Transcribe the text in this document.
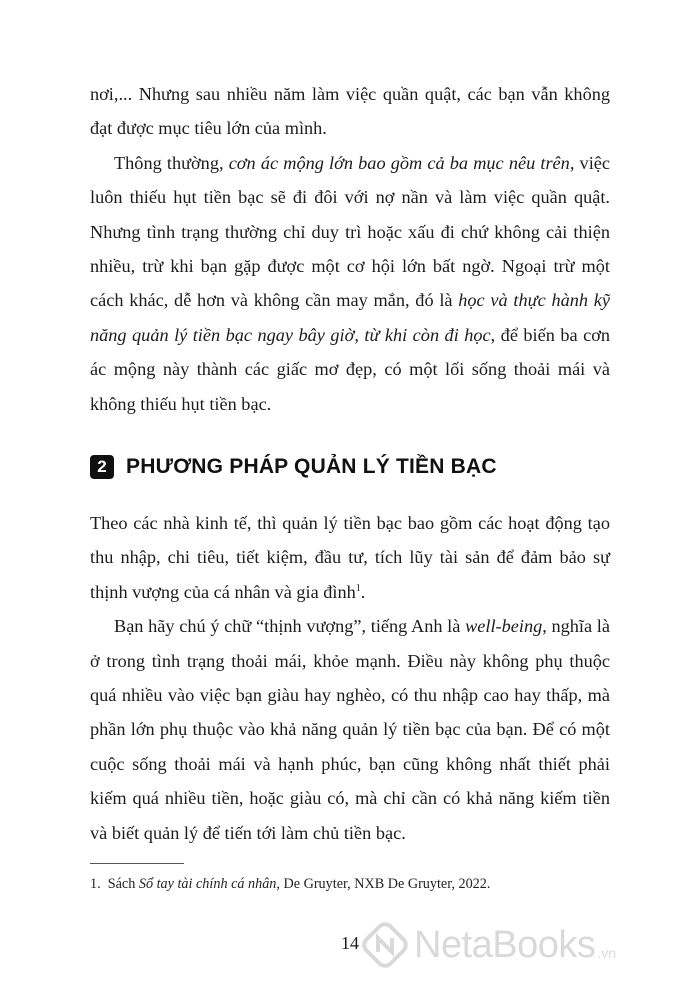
nơi,... Nhưng sau nhiều năm làm việc quần quật, các bạn vẫn không đạt được mục tiêu lớn của mình.

Thông thường, cơn ác mộng lớn bao gồm cả ba mục nêu trên, việc luôn thiếu hụt tiền bạc sẽ đi đôi với nợ nần và làm việc quần quật. Nhưng tình trạng thường chỉ duy trì hoặc xấu đi chứ không cải thiện nhiều, trừ khi bạn gặp được một cơ hội lớn bất ngờ. Ngoại trừ một cách khác, dễ hơn và không cần may mắn, đó là học và thực hành kỹ năng quản lý tiền bạc ngay bây giờ, từ khi còn đi học, để biến ba cơn ác mộng này thành các giấc mơ đẹp, có một lối sống thoải mái và không thiếu hụt tiền bạc.

2 PHƯƠNG PHÁP QUẢN LÝ TIỀN BẠC

Theo các nhà kinh tế, thì quản lý tiền bạc bao gồm các hoạt động tạo thu nhập, chi tiêu, tiết kiệm, đầu tư, tích lũy tài sản để đảm bảo sự thịnh vượng của cá nhân và gia đình$^1$.

Bạn hãy chú ý chữ “thịnh vượng”, tiếng Anh là well-being, nghĩa là ở trong tình trạng thoải mái, khỏe mạnh. Điều này không phụ thuộc quá nhiều vào việc bạn giàu hay nghèo, có thu nhập cao hay thấp, mà phần lớn phụ thuộc vào khả năng quản lý tiền bạc của bạn. Để có một cuộc sống thoải mái và hạnh phúc, bạn cũng không nhất thiết phải kiếm quá nhiều tiền, hoặc giàu có, mà chỉ cần có khả năng kiếm tiền và biết quản lý để tiến tới làm chủ tiền bạc.

1. Sách Sổ tay tài chính cá nhân, De Gruyter, NXB De Gruyter, 2022.
14	NetaBooks .vn
